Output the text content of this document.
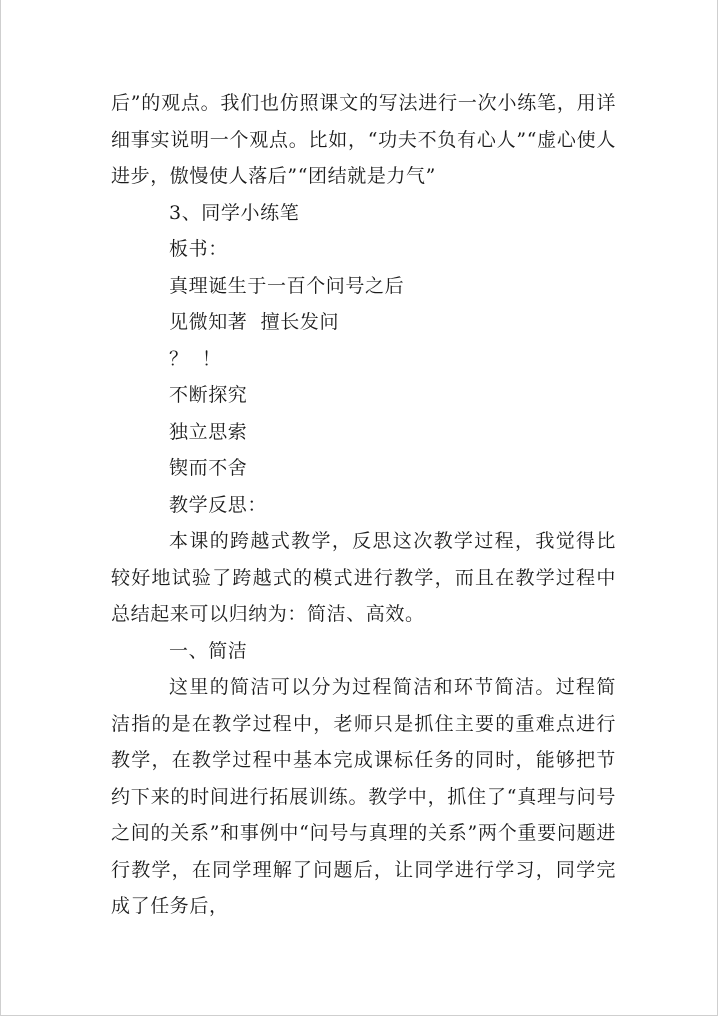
后”的观点。我们也仿照课文的写法进行一次小练笔，用详细事实说明一个观点。比如，“功夫不负有心人”“虚心使人进步，傲慢使人落后”“团结就是力气”

3、同学小练笔

板书：

真理诞生于一百个问号之后

见微知著  擅长发问

？  ！

不断探究

独立思索

锲而不舍

教学反思：

本课的跨越式教学，反思这次教学过程，我觉得比较好地试验了跨越式的模式进行教学，而且在教学过程中总结起来可以归纳为：简洁、高效。

一、简洁

这里的简洁可以分为过程简洁和环节简洁。过程简洁指的是在教学过程中，老师只是抓住主要的重难点进行教学，在教学过程中基本完成课标任务的同时，能够把节约下来的时间进行拓展训练。教学中，抓住了“真理与问号之间的关系”和事例中“问号与真理的关系”两个重要问题进行教学，在同学理解了问题后，让同学进行学习，同学完成了任务后，
